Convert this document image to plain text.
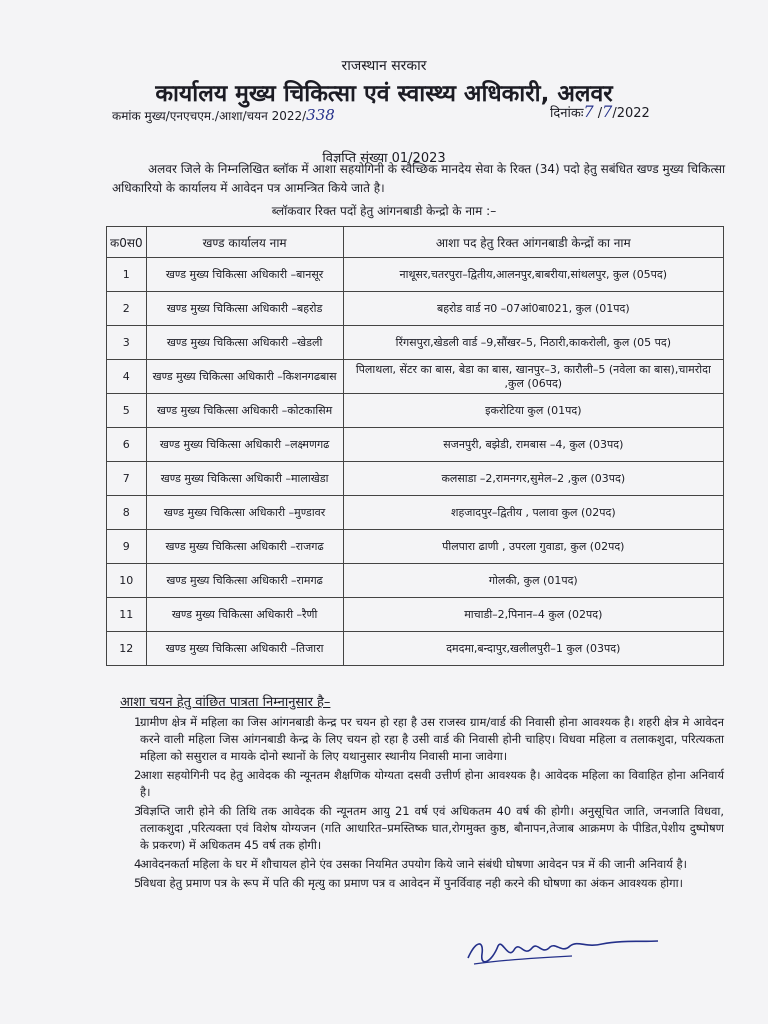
राजस्थान सरकार
कार्यालय मुख्य चिकित्सा एवं स्वास्थ्य अधिकारी, अलवर
कमांक मुख्य/एनएचएम./आशा/चयन 2022/338	दिनांकः7 /7/2022
विज्ञप्ति संख्या 01/2023
अलवर जिले के निम्नलिखित ब्लॉक में आशा सहयोगिनी के स्वैच्छिक मानदेय सेवा के रिक्त (34) पदो हेतु सबंधित खण्ड मुख्य चिकित्सा अधिकारियो के कार्यालय में आवेदन पत्र आमन्त्रित किये जाते है।
ब्लॉकवार रिक्त पदों हेतु आंगनबाडी केन्द्रो के नाम :–
क0स0	खण्ड कार्यालय नाम	आशा पद हेतु रिक्त आंगनबाडी केन्द्रों का नाम
1	खण्ड मुख्य चिकित्सा अधिकारी –बानसूर	नाथूसर,चतरपुरा–द्वितीय,आलनपुर,बाबरीया,सांथलपुर, कुल (05पद)
2	खण्ड मुख्य चिकित्सा अधिकारी –बहरोड	बहरोड वार्ड न0 –07आं0बा021, कुल (01पद)
3	खण्ड मुख्य चिकित्सा अधिकारी –खेडली	रिंगसपुरा,खेडली वार्ड –9,सौंखर–5, निठारी,काकरोली, कुल (05 पद)
4	खण्ड मुख्य चिकित्सा अधिकारी –किशनगढबास	पिलाथला, सेंटर का बास, बेडा का बास, खानपुर–3, कारौली–5 (नवेला का बास),चामरोदा ,कुल (06पद)
5	खण्ड मुख्य चिकित्सा अधिकारी –कोटकासिम	इकरोटिया कुल (01पद)
6	खण्ड मुख्य चिकित्सा अधिकारी –लक्ष्मणगढ	सजनपुरी, बझेडी, रामबास –4, कुल (03पद)
7	खण्ड मुख्य चिकित्सा अधिकारी –मालाखेडा	कलसाडा –2,रामनगर,सुमेल–2 ,कुल (03पद)
8	खण्ड मुख्य चिकित्सा अधिकारी –मुण्डावर	शहजादपुर–द्वितीय , पलावा कुल (02पद)
9	खण्ड मुख्य चिकित्सा अधिकारी –राजगढ	पीलपारा ढाणी , उपरला गुवाडा, कुल (02पद)
10	खण्ड मुख्य चिकित्सा अधिकारी –रामगढ	गोलकी, कुल (01पद)
11	खण्ड मुख्य चिकित्सा अधिकारी –रैणी	माचाडी–2,पिनान–4 कुल (02पद)
12	खण्ड मुख्य चिकित्सा अधिकारी –तिजारा	दमदमा,बन्दापुर,खलीलपुरी–1 कुल (03पद)
आशा चयन हेतु वांछित पात्रता निम्नानुसार है–
1
ग्रामीण क्षेत्र में महिला का जिस आंगनबाडी केन्द्र पर चयन हो रहा है उस राजस्व ग्राम/वार्ड की निवासी होना आवश्यक है। शहरी क्षेत्र मे आवेदन करने वाली महिला जिस आंगनबाडी केन्द्र के लिए चयन हो रहा है उसी वार्ड की निवासी होनी चाहिए। विधवा महिला व तलाकशुदा, परित्यकता महिला को ससुराल व मायके दोनो स्थानों के लिए यथानुसार स्थानीय निवासी माना जावेगा।
2
आशा सहयोगिनी पद हेतु आवेदक की न्यूनतम शैक्षणिक योग्यता दसवी उत्तीर्ण होना आवश्यक है। आवेदक महिला का विवाहित होना अनिवार्य है।
3
विज्ञप्ति जारी होने की तिथि तक आवेदक की न्यूनतम आयु 21 वर्ष एवं अधिकतम 40 वर्ष की होगी। अनुसूचित जाति, जनजाति विधवा, तलाकशुदा ,परित्यक्ता एवं विशेष योग्यजन (गति आधारित–प्रमस्तिष्क घात,रोगमुक्त कुष्ठ, बौनापन,तेजाब आक्रमण के पीडित,पेशीय दुष्पोषण के प्रकरण) में अधिकतम 45 वर्ष तक होगी।
4
आवेदनकर्ता महिला के घर में शौचायल होने एंव उसका नियमित उपयोग किये जाने संबंधी घोषणा आवेदन पत्र में की जानी अनिवार्य है।
5
विधवा हेतु प्रमाण पत्र के रूप में पति की मृत्यु का प्रमाण पत्र व आवेदन में पुनर्विवाह नही करने की घोषणा का अंकन आवश्यक होगा।
